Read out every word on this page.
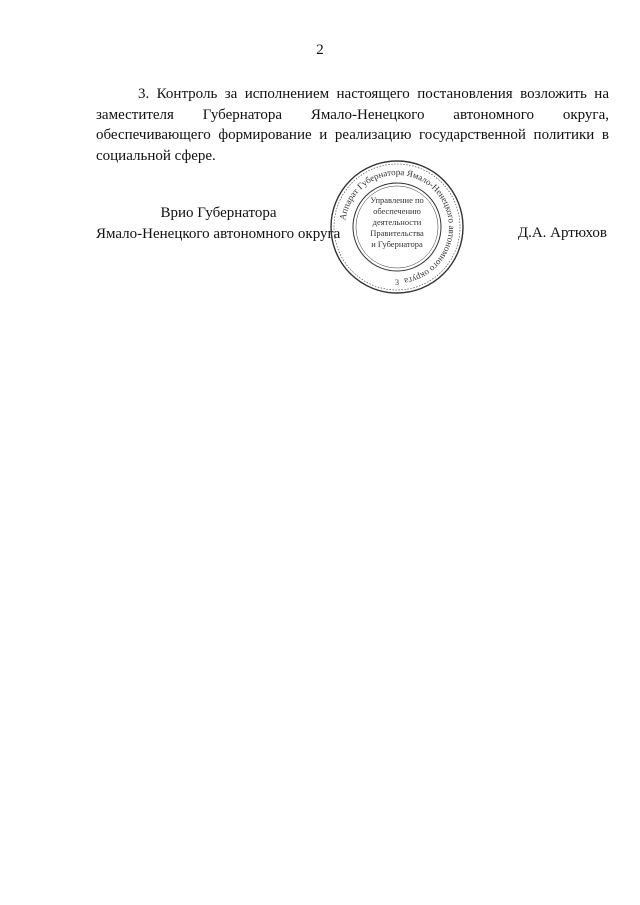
2

3. Контроль за исполнением настоящего постановления возложить на заместителя Губернатора Ямало-Ненецкого автономного округа, обеспечивающего формирование и реализацию государственной политики в социальной сфере.

Врио Губернатора
Ямало-Ненецкого автономного округа	Д.А. Артюхов
Аппарат Губернатора Ямало-Ненецкого автономного округа
3
Управление по
обеспечению
деятельности
Правительства
и Губернатора
